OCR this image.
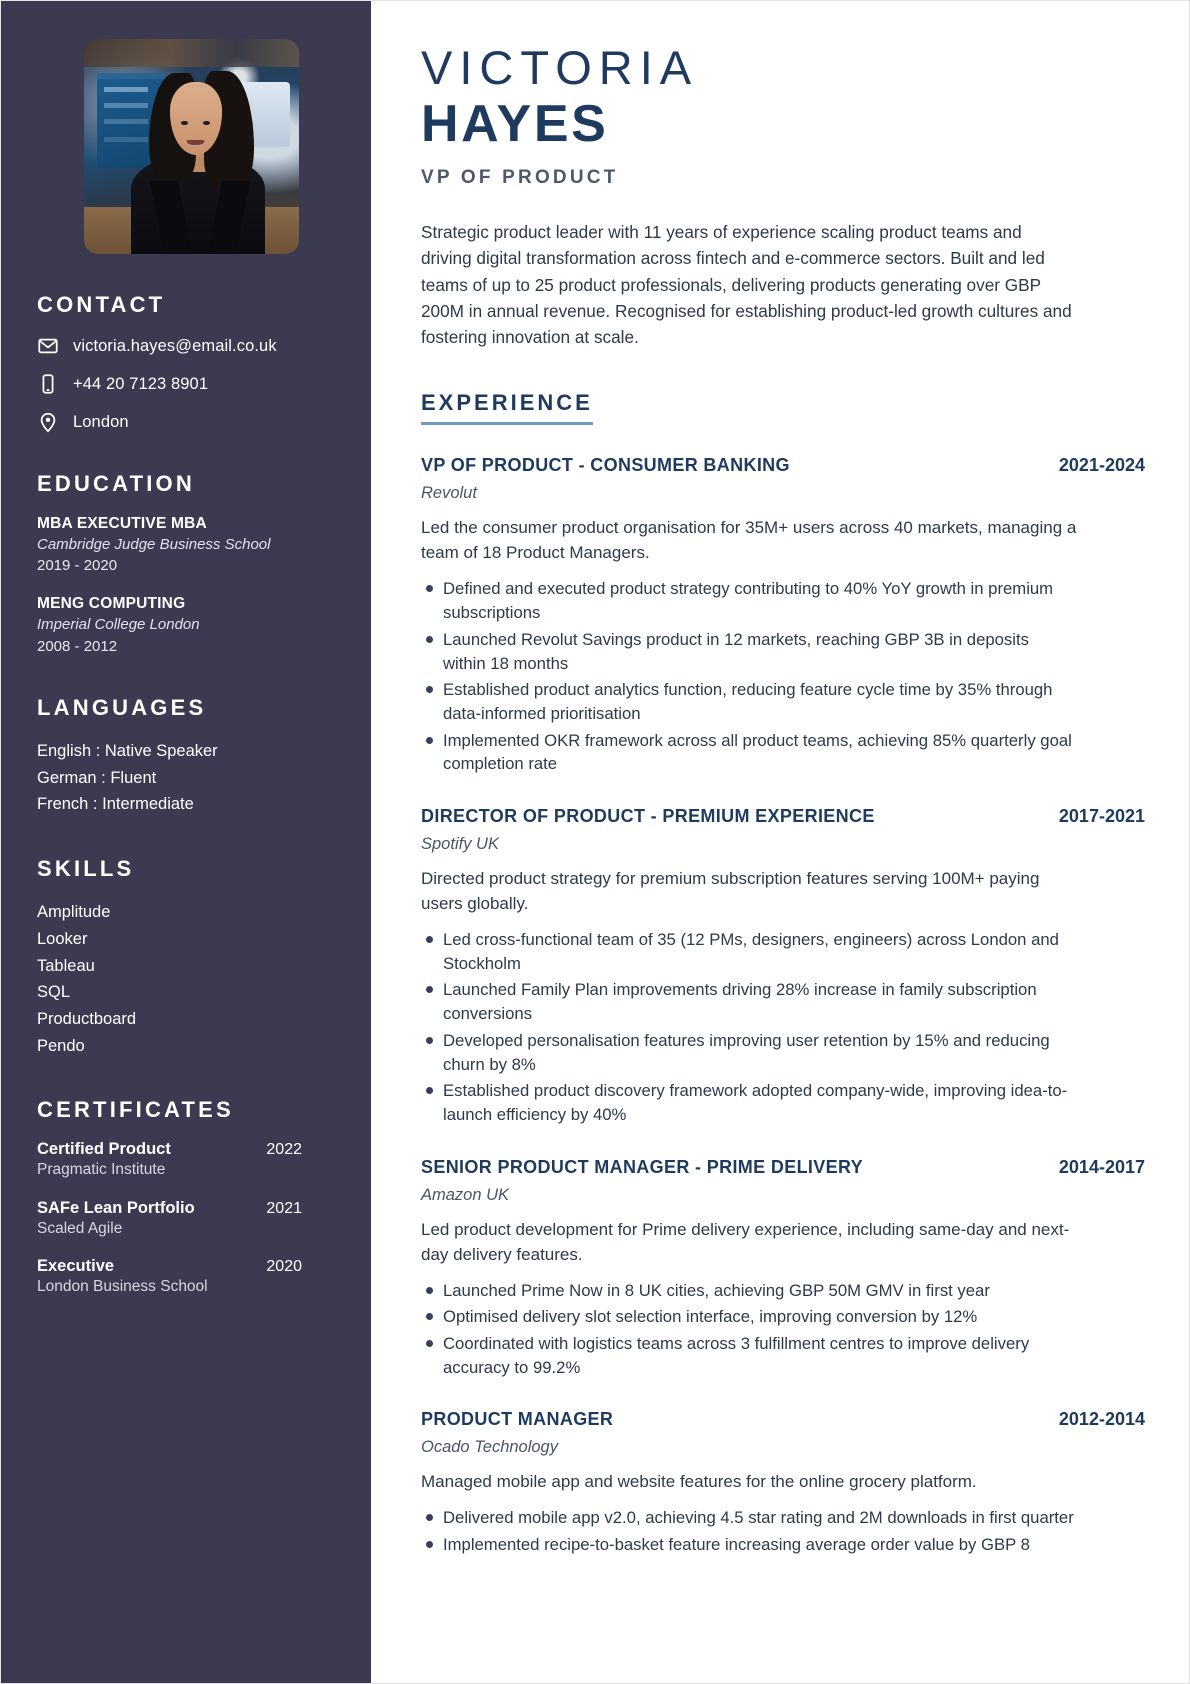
CONTACT
victoria.hayes@email.co.uk
+44 20 7123 8901
London
EDUCATION
MBA EXECUTIVE MBA
Cambridge Judge Business School
2019 - 2020
MENG COMPUTING
Imperial College London
2008 - 2012
LANGUAGES
English : Native Speaker
German : Fluent
French : Intermediate
SKILLS
Amplitude
Looker
Tableau
SQL
Productboard
Pendo
CERTIFICATES
Certified Product	2022
Pragmatic Institute
SAFe Lean Portfolio	2021
Scaled Agile
Executive	2020
London Business School
VICTORIA
HAYES
VP OF PRODUCT

Strategic product leader with 11 years of experience scaling product teams and driving digital transformation across fintech and e-commerce sectors. Built and led teams of up to 25 product professionals, delivering products generating over GBP 200M in annual revenue. Recognised for establishing product-led growth cultures and fostering innovation at scale.

EXPERIENCE
VP OF PRODUCT - CONSUMER BANKING	2021-2024
Revolut

Led the consumer product organisation for 35M+ users across 40 markets, managing a team of 18 Product Managers.

Defined and executed product strategy contributing to 40% YoY growth in premium subscriptions
Launched Revolut Savings product in 12 markets, reaching GBP 3B in deposits within 18 months
Established product analytics function, reducing feature cycle time by 35% through data-informed prioritisation
Implemented OKR framework across all product teams, achieving 85% quarterly goal completion rate
DIRECTOR OF PRODUCT - PREMIUM EXPERIENCE	2017-2021
Spotify UK

Directed product strategy for premium subscription features serving 100M+ paying users globally.

Led cross-functional team of 35 (12 PMs, designers, engineers) across London and Stockholm
Launched Family Plan improvements driving 28% increase in family subscription conversions
Developed personalisation features improving user retention by 15% and reducing churn by 8%
Established product discovery framework adopted company-wide, improving idea-to-launch efficiency by 40%
SENIOR PRODUCT MANAGER - PRIME DELIVERY	2014-2017
Amazon UK

Led product development for Prime delivery experience, including same-day and next-day delivery features.

Launched Prime Now in 8 UK cities, achieving GBP 50M GMV in first year
Optimised delivery slot selection interface, improving conversion by 12%
Coordinated with logistics teams across 3 fulfillment centres to improve delivery accuracy to 99.2%
PRODUCT MANAGER	2012-2014
Ocado Technology

Managed mobile app and website features for the online grocery platform.

Delivered mobile app v2.0, achieving 4.5 star rating and 2M downloads in first quarter
Implemented recipe-to-basket feature increasing average order value by GBP 8
